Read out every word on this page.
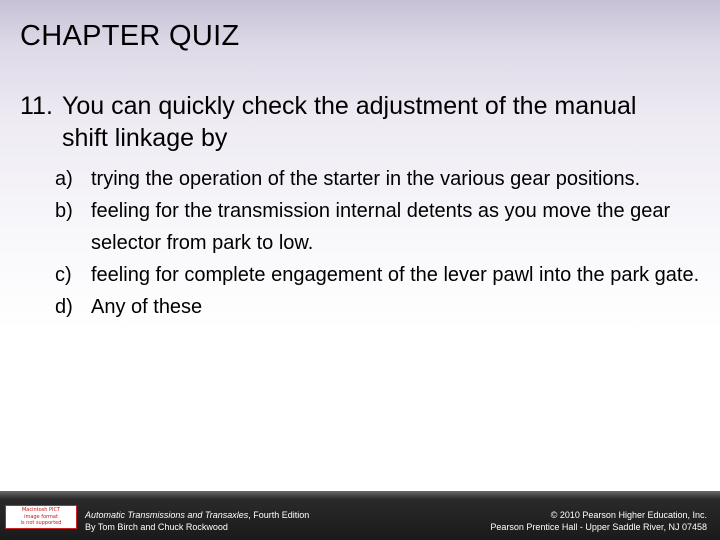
CHAPTER QUIZ
11. You can quickly check the adjustment of the manual shift linkage by
a) trying the operation of the starter in the various gear positions.
b) feeling for the transmission internal detents as you move the gear selector from park to low.
c) feeling for complete engagement of the lever pawl into the park gate.
d) Any of these
Macintosh PICT
image format
is not supported
Automatic Transmissions and Transaxles, Fourth Edition
By Tom Birch and Chuck Rockwood
© 2010 Pearson Higher Education, Inc.
Pearson Prentice Hall - Upper Saddle River, NJ 07458
